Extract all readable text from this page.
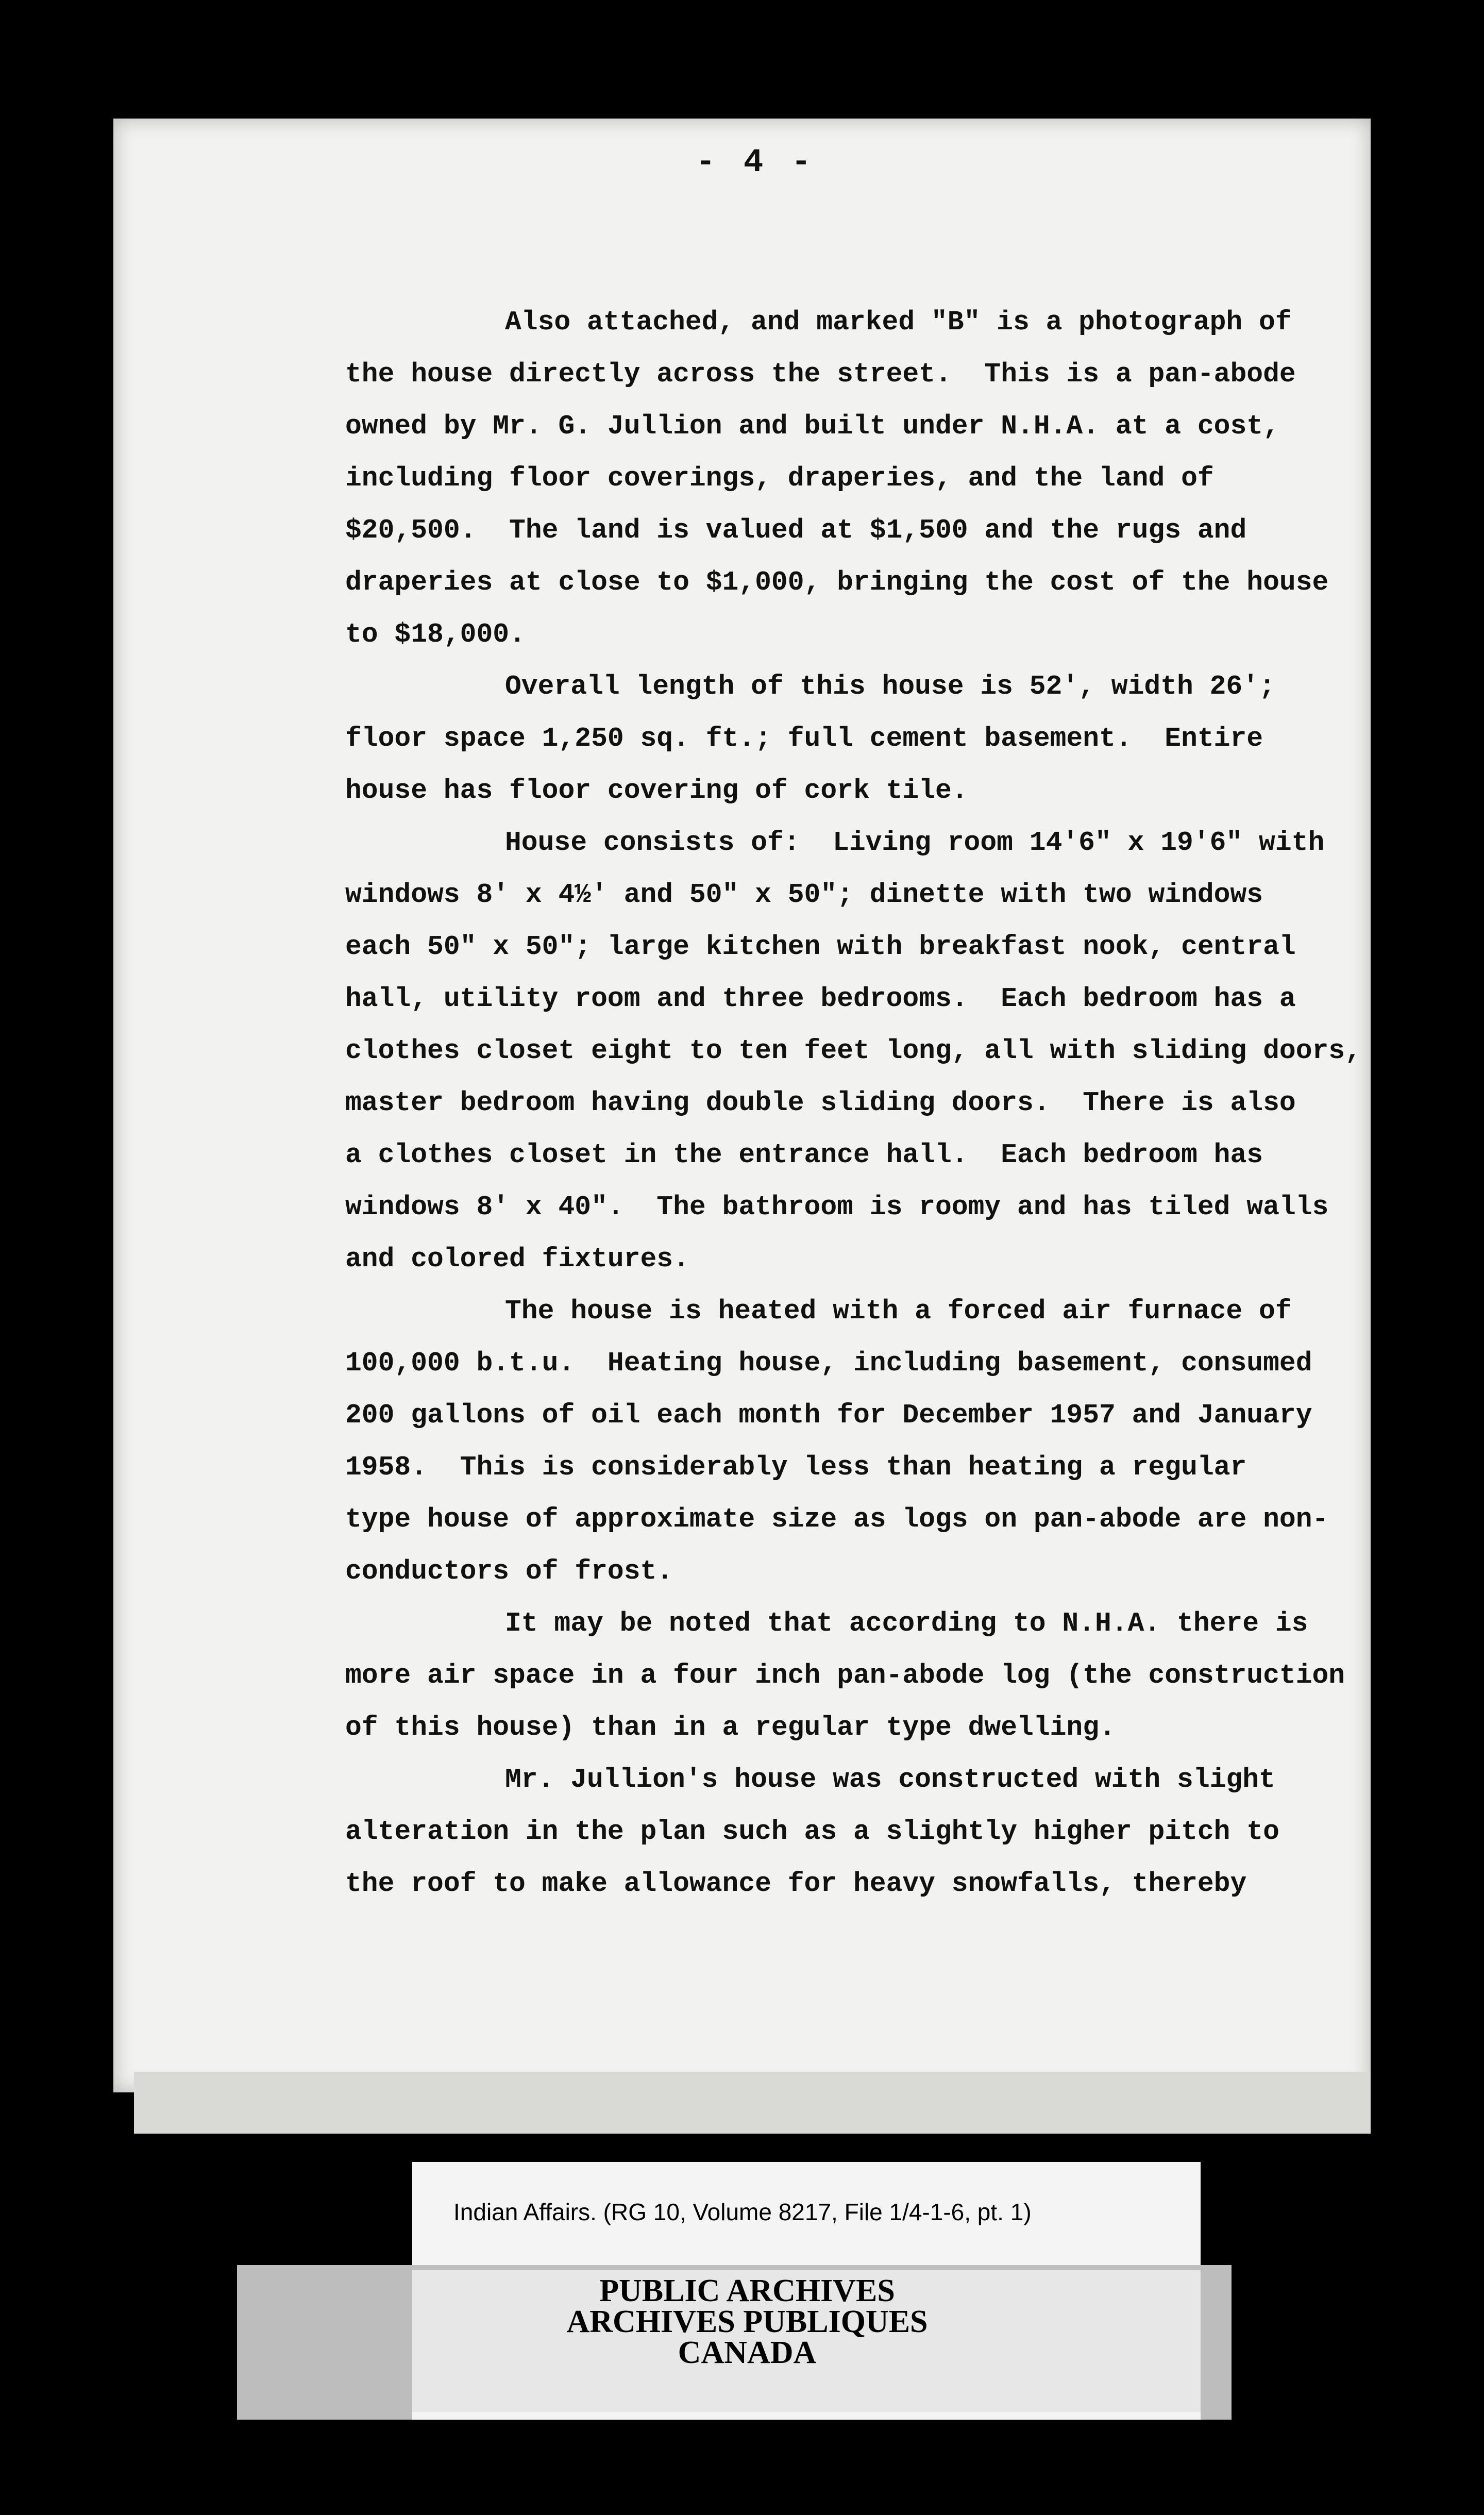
- 4 -
Also attached, and marked "B" is a photograph of
the house directly across the street.  This is a pan-abode
owned by Mr. G. Jullion and built under N.H.A. at a cost,
including floor coverings, draperies, and the land of
$20,500.  The land is valued at $1,500 and the rugs and
draperies at close to $1,000, bringing the cost of the house
to $18,000.
Overall length of this house is 52', width 26';
floor space 1,250 sq. ft.; full cement basement.  Entire
house has floor covering of cork tile.
House consists of:  Living room 14'6" x 19'6" with
windows 8' x 4½' and 50" x 50"; dinette with two windows
each 50" x 50"; large kitchen with breakfast nook, central
hall, utility room and three bedrooms.  Each bedroom has a
clothes closet eight to ten feet long, all with sliding doors,
master bedroom having double sliding doors.  There is also
a clothes closet in the entrance hall.  Each bedroom has
windows 8' x 40".  The bathroom is roomy and has tiled walls
and colored fixtures.
The house is heated with a forced air furnace of
100,000 b.t.u.  Heating house, including basement, consumed
200 gallons of oil each month for December 1957 and January
1958.  This is considerably less than heating a regular
type house of approximate size as logs on pan-abode are non-
conductors of frost.
It may be noted that according to N.H.A. there is
more air space in a four inch pan-abode log (the construction
of this house) than in a regular type dwelling.
Mr. Jullion's house was constructed with slight
alteration in the plan such as a slightly higher pitch to
the roof to make allowance for heavy snowfalls, thereby
Indian Affairs. (RG 10, Volume 8217, File 1/4-1-6, pt. 1)
PUBLIC ARCHIVES
ARCHIVES PUBLIQUES
CANADA
